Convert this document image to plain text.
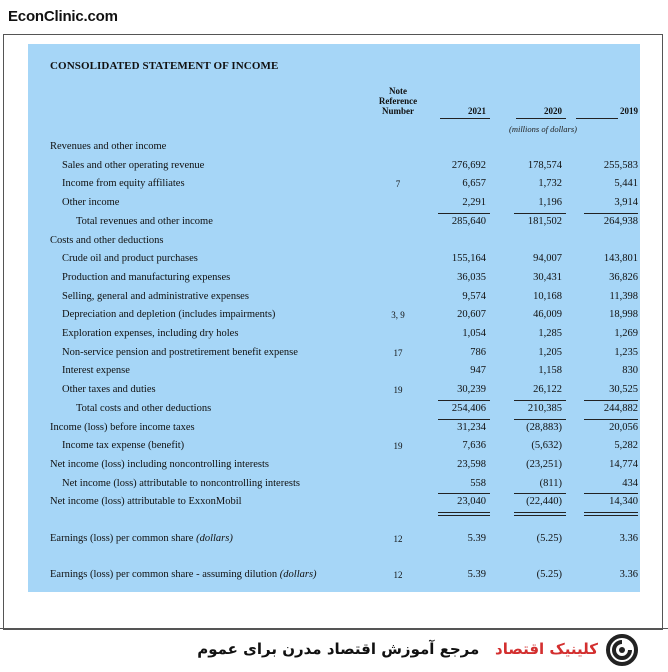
EconClinic.com
CONSOLIDATED STATEMENT OF INCOME
Note
Reference
Number	2021	2020	2019
(millions of dollars)
Revenues and other income
Sales and other operating revenue	276,692	178,574	255,583
Income from equity affiliates	7	6,657	1,732	5,441
Other income	2,291	1,196	3,914
Total revenues and other income	285,640	181,502	264,938
Costs and other deductions
Crude oil and product purchases	155,164	94,007	143,801
Production and manufacturing expenses	36,035	30,431	36,826
Selling, general and administrative expenses	9,574	10,168	11,398
Depreciation and depletion (includes impairments)	3, 9	20,607	46,009	18,998
Exploration expenses, including dry holes	1,054	1,285	1,269
Non-service pension and postretirement benefit expense	17	786	1,205	1,235
Interest expense	947	1,158	830
Other taxes and duties	19	30,239	26,122	30,525
Total costs and other deductions	254,406	210,385	244,882
Income (loss) before income taxes	31,234	(28,883)	20,056
Income tax expense (benefit)	19	7,636	(5,632)	5,282
Net income (loss) including noncontrolling interests	23,598	(23,251)	14,774
Net income (loss) attributable to noncontrolling interests	558	(811)	434
Net income (loss) attributable to ExxonMobil	23,040	(22,440)	14,340
Earnings (loss) per common share (dollars)	12	5.39	(5.25)	3.36
Earnings (loss) per common share - assuming dilution (dollars)	12	5.39	(5.25)	3.36
کلینیک اقتصاد   مرجع آموزش اقتصاد مدرن برای عموم
